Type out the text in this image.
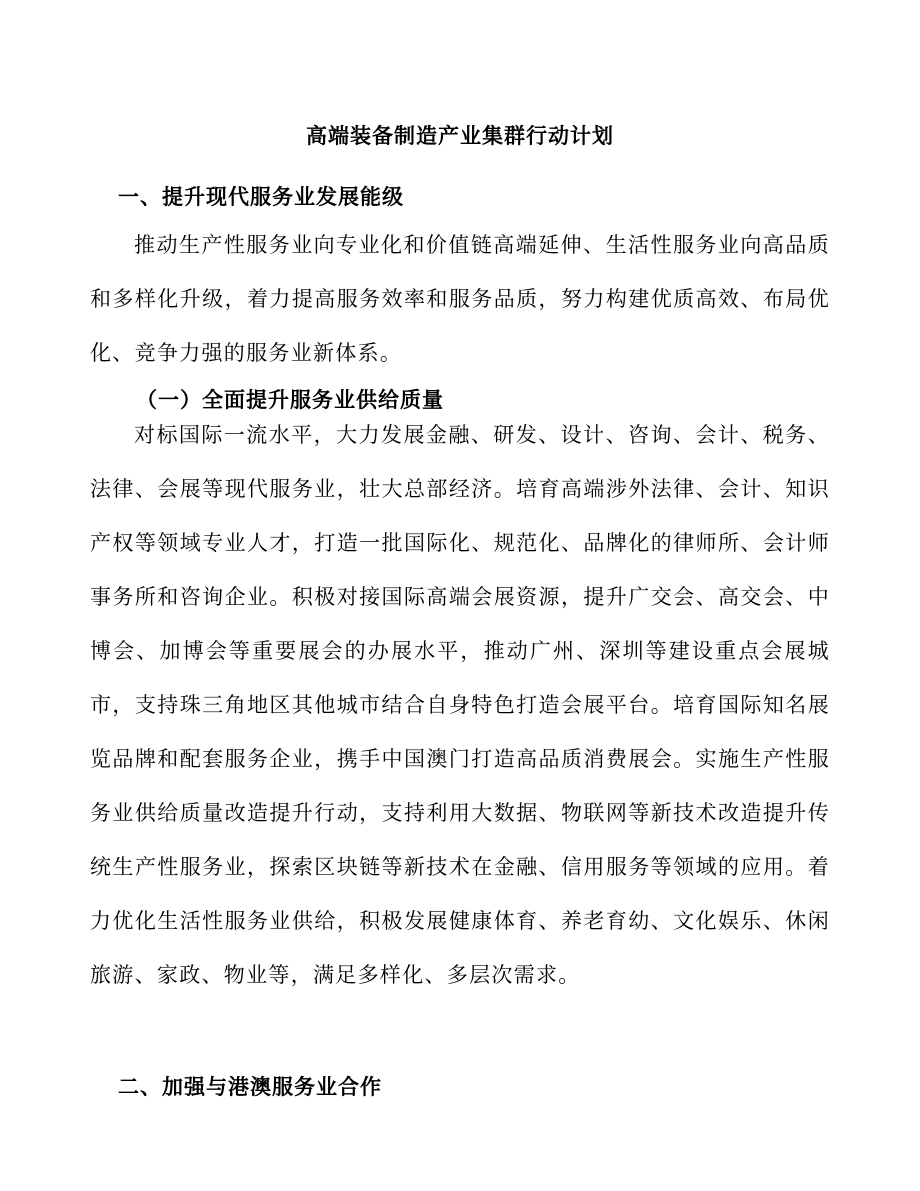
高端装备制造产业集群行动计划
一、提升现代服务业发展能级

推动生产性服务业向专业化和价值链高端延伸、生活性服务业向高品质和多样化升级，着力提高服务效率和服务品质，努力构建优质高效、布局优化、竞争力强的服务业新体系。

（一）全面提升服务业供给质量

对标国际一流水平，大力发展金融、研发、设计、咨询、会计、税务、法律、会展等现代服务业，壮大总部经济。培育高端涉外法律、会计、知识产权等领域专业人才，打造一批国际化、规范化、品牌化的律师所、会计师事务所和咨询企业。积极对接国际高端会展资源，提升广交会、高交会、中博会、加博会等重要展会的办展水平，推动广州、深圳等建设重点会展城市，支持珠三角地区其他城市结合自身特色打造会展平台。培育国际知名展览品牌和配套服务企业，携手中国澳门打造高品质消费展会。实施生产性服务业供给质量改造提升行动，支持利用大数据、物联网等新技术改造提升传统生产性服务业，探索区块链等新技术在金融、信用服务等领域的应用。着力优化生活性服务业供给，积极发展健康体育、养老育幼、文化娱乐、休闲旅游、家政、物业等，满足多样化、多层次需求。

二、加强与港澳服务业合作
